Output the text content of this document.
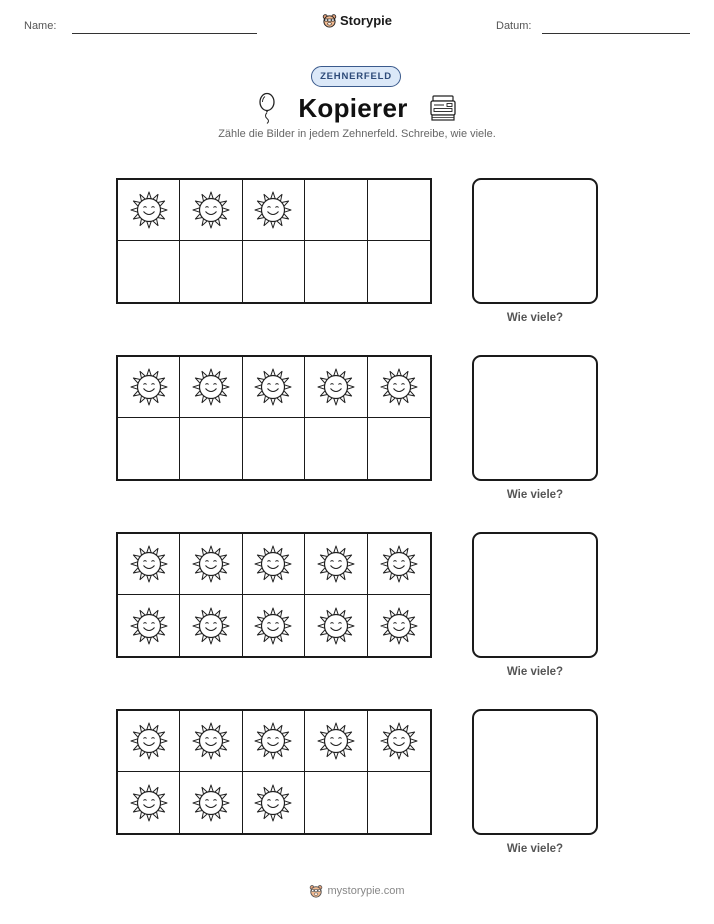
Name:	Storypie	Datum:
ZEHNERFELD
Kopierer
Zähle die Bilder in jedem Zehnerfeld. Schreibe, wie viele.
Wie viele?
Wie viele?
Wie viele?
Wie viele?
mystorypie.com
